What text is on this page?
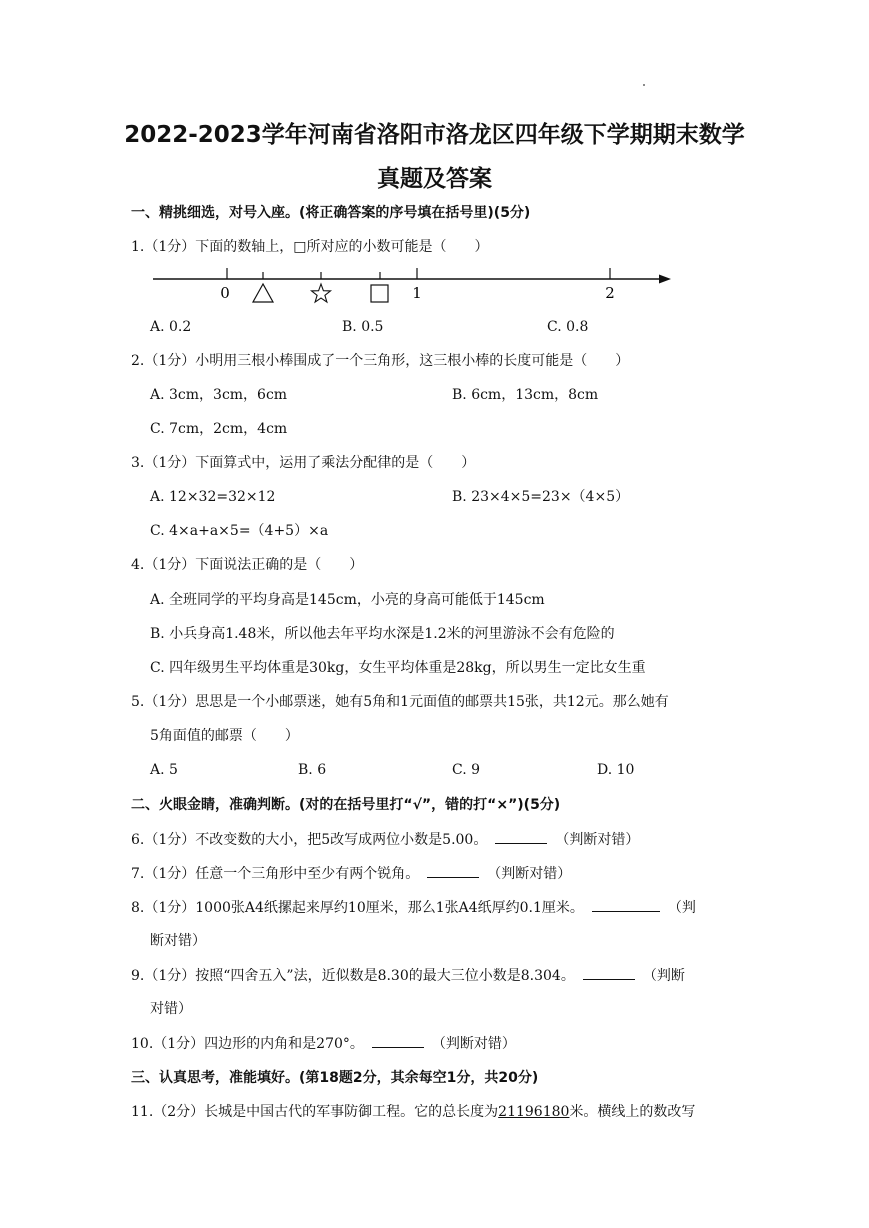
2022-2023学年河南省洛阳市洛龙区四年级下学期期末数学
真题及答案
一、精挑细选，对号入座。(将正确答案的序号填在括号里)(5分)
1.（1分）下面的数轴上，□所对应的小数可能是（　　）
0	1	2
A. 0.2	B. 0.5	C. 0.8
2.（1分）小明用三根小棒围成了一个三角形，这三根小棒的长度可能是（　　）
A. 3cm，3cm，6cm	B. 6cm，13cm，8cm
C. 7cm，2cm，4cm
3.（1分）下面算式中，运用了乘法分配律的是（　　）
A. 12×32=32×12	B. 23×4×5=23×（4×5）
C. 4×a+a×5=（4+5）×a
4.（1分）下面说法正确的是（　　）
A. 全班同学的平均身高是145cm，小亮的身高可能低于145cm
B. 小兵身高1.48米，所以他去年平均水深是1.2米的河里游泳不会有危险的
C. 四年级男生平均体重是30kg，女生平均体重是28kg，所以男生一定比女生重
5.（1分）思思是一个小邮票迷，她有5角和1元面值的邮票共15张，共12元。那么她有
5角面值的邮票（　　）
A. 5	B. 6	C. 9	D. 10
二、火眼金睛，准确判断。(对的在括号里打“√”，错的打“×”)(5分)
6.（1分）不改变数的大小，把5改写成两位小数是5.00。	（判断对错）
7.（1分）任意一个三角形中至少有两个锐角。	（判断对错）
8.（1分）1000张A4纸摞起来厚约10厘米，那么1张A4纸厚约0.1厘米。	（判
断对错）
9.（1分）按照“四舍五入”法，近似数是8.30的最大三位小数是8.304。	（判断
对错）
10.（1分）四边形的内角和是270°。	（判断对错）
三、认真思考，准能填好。(第18题2分，其余每空1分，共20分)
11.（2分）长城是中国古代的军事防御工程。它的总长度为21196180米。横线上的数改写
